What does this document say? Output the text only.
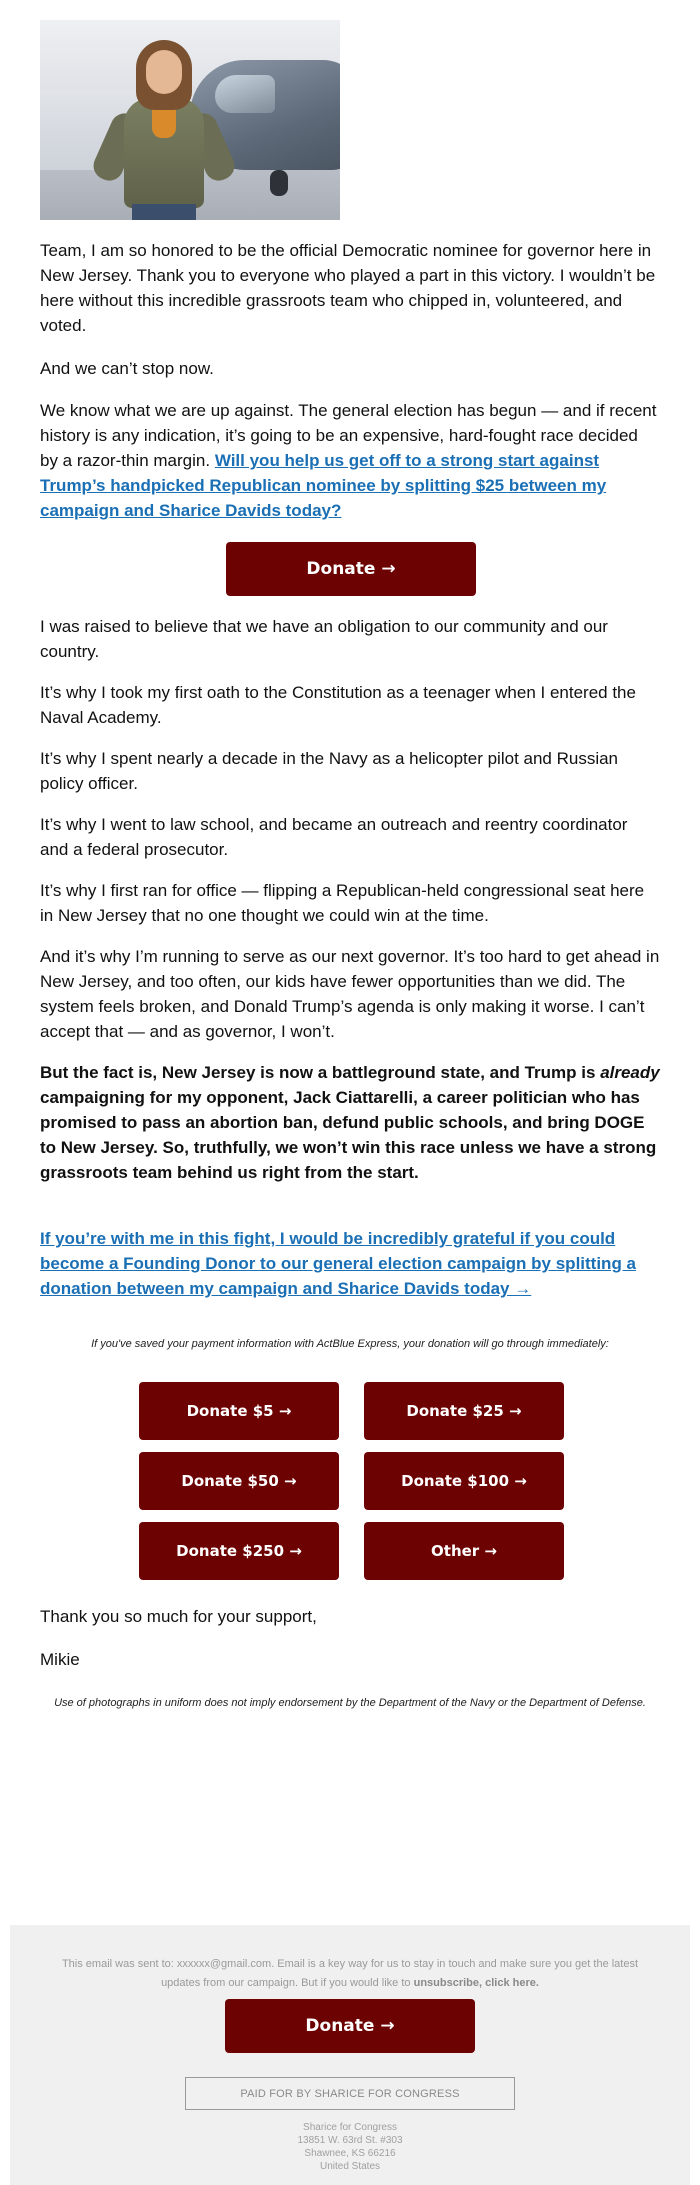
Team, I am so honored to be the official Democratic nominee for governor here in New Jersey. Thank you to everyone who played a part in this victory. I wouldn’t be here without this incredible grassroots team who chipped in, volunteered, and voted.

And we can’t stop now.

We know what we are up against. The general election has begun — and if recent history is any indication, it’s going to be an expensive, hard-fought race decided by a razor-thin margin. Will you help us get off to a strong start against Trump’s handpicked Republican nominee by splitting $25 between my campaign and Sharice Davids today?

Donate →

I was raised to believe that we have an obligation to our community and our country.

It’s why I took my first oath to the Constitution as a teenager when I entered the Naval Academy.

It’s why I spent nearly a decade in the Navy as a helicopter pilot and Russian policy officer.

It’s why I went to law school, and became an outreach and reentry coordinator and a federal prosecutor.

It’s why I first ran for office — flipping a Republican-held congressional seat here in New Jersey that no one thought we could win at the time.

And it’s why I’m running to serve as our next governor. It’s too hard to get ahead in New Jersey, and too often, our kids have fewer opportunities than we did. The system feels broken, and Donald Trump’s agenda is only making it worse. I can’t accept that — and as governor, I won’t.

But the fact is, New Jersey is now a battleground state, and Trump is already campaigning for my opponent, Jack Ciattarelli, a career politician who has promised to pass an abortion ban, defund public schools, and bring DOGE to New Jersey. So, truthfully, we won’t win this race unless we have a strong grassroots team behind us right from the start.

If you’re with me in this fight, I would be incredibly grateful if you could become a Founding Donor to our general election campaign by splitting a donation between my campaign and Sharice Davids today →

If you've saved your payment information with ActBlue Express, your donation will go through immediately:

Donate $5 →	Donate $25 →
Donate $50 →	Donate $100 →
Donate $250 →	Other →

Thank you so much for your support,

Mikie

Use of photographs in uniform does not imply endorsement by the Department of the Navy or the Department of Defense.

This email was sent to: xxxxxx@gmail.com. Email is a key way for us to stay in touch and make sure you get the latest updates from our campaign. But if you would like to unsubscribe, click here.

Donate →
PAID FOR BY SHARICE FOR CONGRESS
Sharice for Congress
13851 W. 63rd St. #303
Shawnee, KS 66216
United States
